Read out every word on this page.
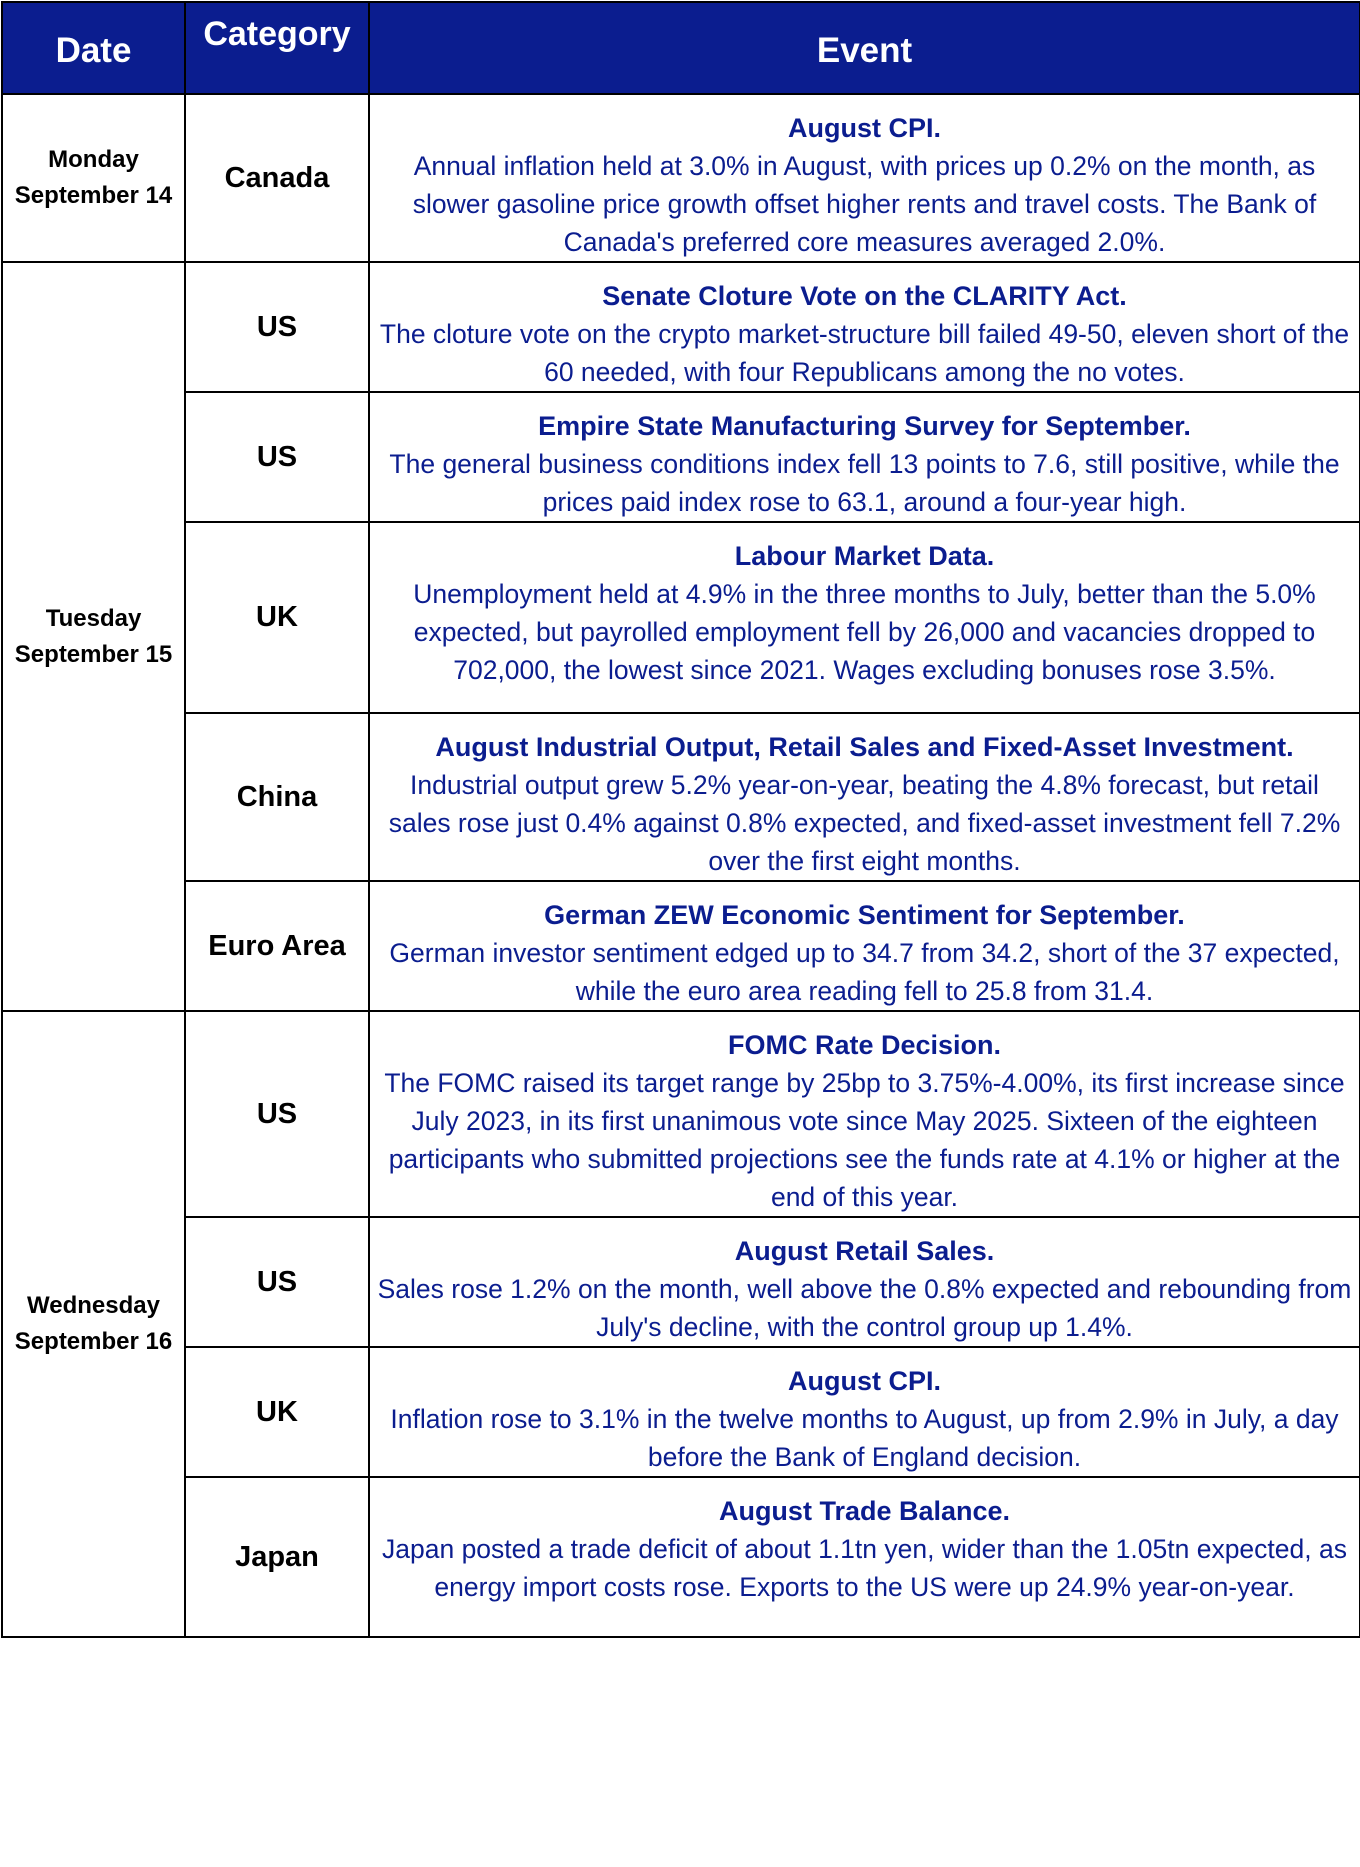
Date	Category	Event

Monday
September 14	Canada	August CPI.
Annual inflation held at 3.0% in August, with prices up 0.2% on the month, as slower gasoline price growth offset higher rents and travel costs. The Bank of Canada's preferred core measures averaged 2.0%.

Tuesday
September 15	US	Senate Cloture Vote on the CLARITY Act.
The cloture vote on the crypto market-structure bill failed 49-50, eleven short of the 60 needed, with four Republicans among the no votes.

	US	Empire State Manufacturing Survey for September.
The general business conditions index fell 13 points to 7.6, still positive, while the prices paid index rose to 63.1, around a four-year high.

	UK	Labour Market Data.
Unemployment held at 4.9% in the three months to July, better than the 5.0% expected, but payrolled employment fell by 26,000 and vacancies dropped to 702,000, the lowest since 2021. Wages excluding bonuses rose 3.5%.

	China	August Industrial Output, Retail Sales and Fixed-Asset Investment.
Industrial output grew 5.2% year-on-year, beating the 4.8% forecast, but retail sales rose just 0.4% against 0.8% expected, and fixed-asset investment fell 7.2% over the first eight months.

	Euro Area	German ZEW Economic Sentiment for September.
German investor sentiment edged up to 34.7 from 34.2, short of the 37 expected, while the euro area reading fell to 25.8 from 31.4.

Wednesday
September 16	US	FOMC Rate Decision.
The FOMC raised its target range by 25bp to 3.75%-4.00%, its first increase since July 2023, in its first unanimous vote since May 2025. Sixteen of the eighteen participants who submitted projections see the funds rate at 4.1% or higher at the end of this year.

	US	August Retail Sales.
Sales rose 1.2% on the month, well above the 0.8% expected and rebounding from July's decline, with the control group up 1.4%.

	UK	August CPI.
Inflation rose to 3.1% in the twelve months to August, up from 2.9% in July, a day before the Bank of England decision.

	Japan	August Trade Balance.
Japan posted a trade deficit of about 1.1tn yen, wider than the 1.05tn expected, as energy import costs rose. Exports to the US were up 24.9% year-on-year.
